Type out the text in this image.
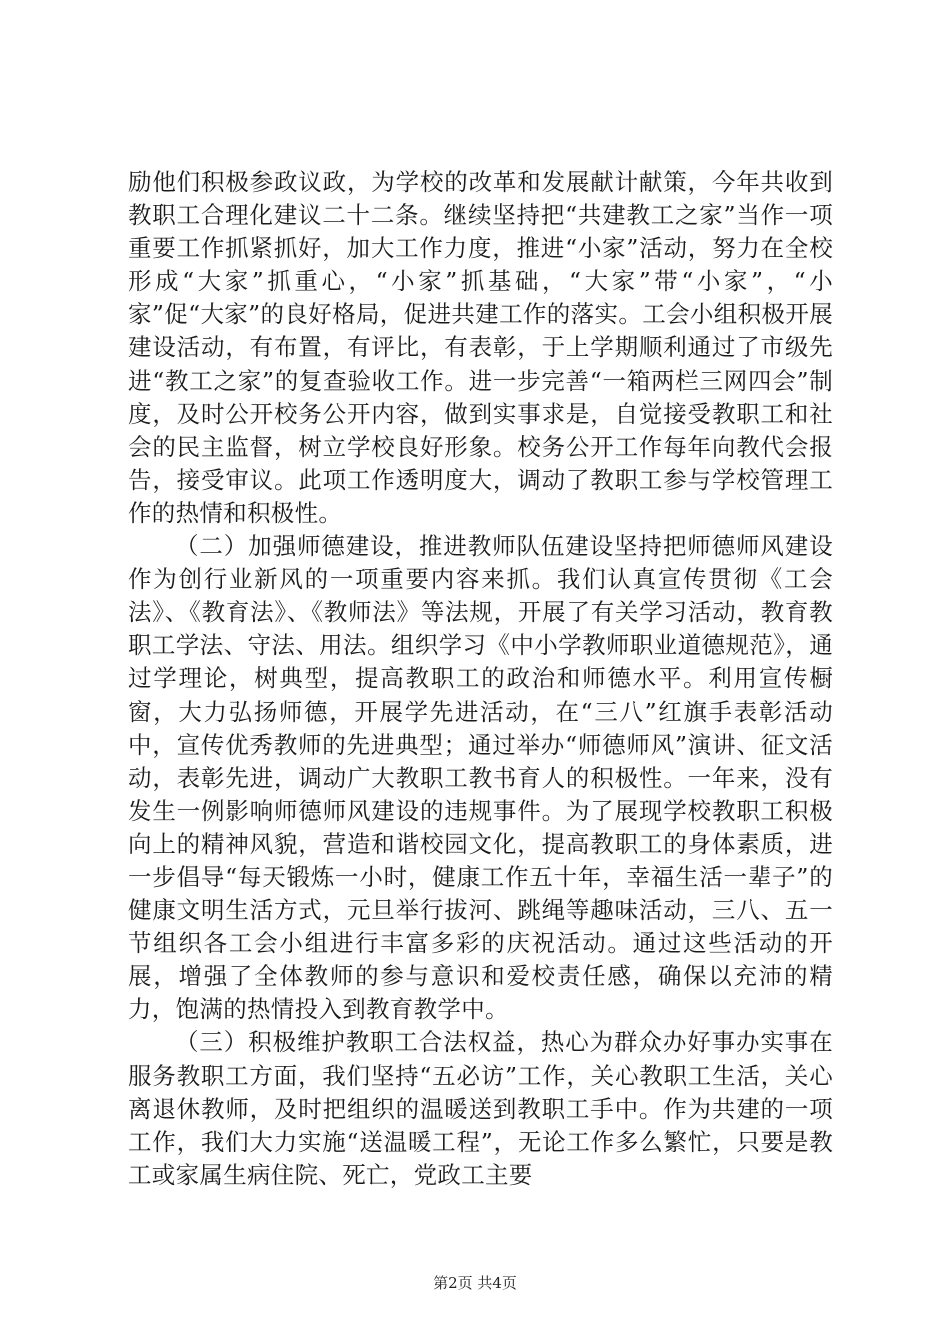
励他们积极参政议政，为学校的改革和发展献计献策，今年共收到教职工合理化建议二十二条。继续坚持把“共建教工之家”当作一项重要工作抓紧抓好，加大工作力度，推进“小家”活动，努力在全校形成“大家”抓重心，“小家”抓基础，“大家”带“小家”，“小家”促“大家”的良好格局，促进共建工作的落实。工会小组积极开展建设活动，有布置，有评比，有表彰，于上学期顺利通过了市级先进“教工之家”的复查验收工作。进一步完善“一箱两栏三网四会”制度，及时公开校务公开内容，做到实事求是，自觉接受教职工和社会的民主监督，树立学校良好形象。校务公开工作每年向教代会报告，接受审议。此项工作透明度大，调动了教职工参与学校管理工作的热情和积极性。

（二）加强师德建设，推进教师队伍建设坚持把师德师风建设作为创行业新风的一项重要内容来抓。我们认真宣传贯彻《工会法》、《教育法》、《教师法》等法规，开展了有关学习活动，教育教职工学法、守法、用法。组织学习《中小学教师职业道德规范》，通过学理论，树典型，提高教职工的政治和师德水平。利用宣传橱窗，大力弘扬师德，开展学先进活动，在“三八”红旗手表彰活动中，宣传优秀教师的先进典型；通过举办“师德师风”演讲、征文活动，表彰先进，调动广大教职工教书育人的积极性。一年来，没有发生一例影响师德师风建设的违规事件。为了展现学校教职工积极向上的精神风貌，营造和谐校园文化，提高教职工的身体素质，进一步倡导“每天锻炼一小时，健康工作五十年，幸福生活一辈子”的健康文明生活方式，元旦举行拔河、跳绳等趣味活动，三八、五一节组织各工会小组进行丰富多彩的庆祝活动。通过这些活动的开展，增强了全体教师的参与意识和爱校责任感，确保以充沛的精力，饱满的热情投入到教育教学中。

（三）积极维护教职工合法权益，热心为群众办好事办实事在服务教职工方面，我们坚持“五必访”工作，关心教职工生活，关心离退休教师，及时把组织的温暖送到教职工手中。作为共建的一项工作，我们大力实施“送温暖工程”，无论工作多么繁忙，只要是教工或家属生病住院、死亡，党政工主要

第2页 共4页
